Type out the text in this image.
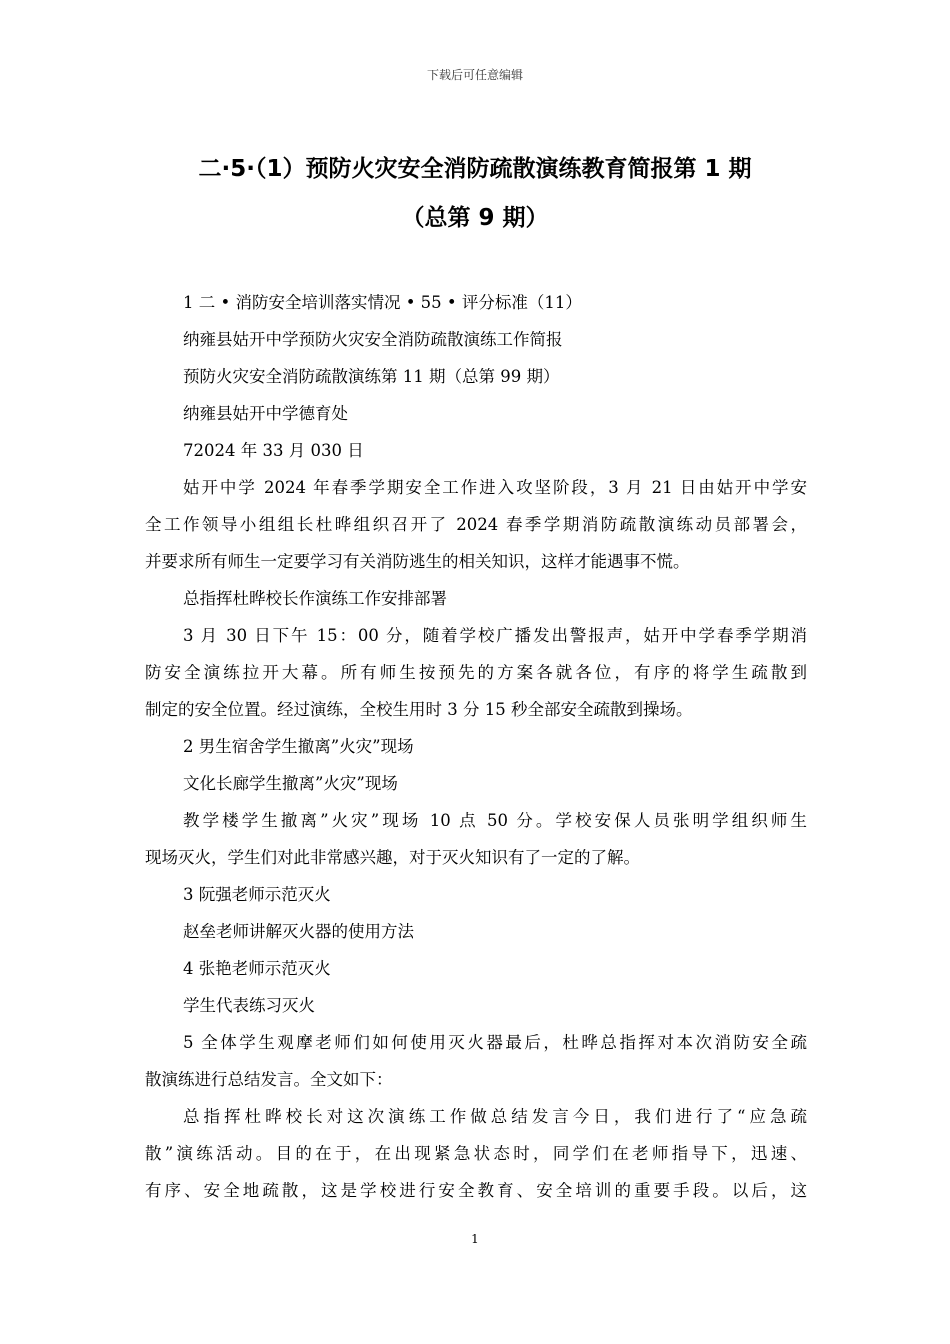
下载后可任意编辑
二·5·（1）预防火灾安全消防疏散演练教育简报第 1 期
（总第 9 期）
1 二 • 消防安全培训落实情况 • 55 • 评分标准（11）
纳雍县姑开中学预防火灾安全消防疏散演练工作简报
预防火灾安全消防疏散演练第 11 期（总第 99 期）
纳雍县姑开中学德育处
72024 年 33 月 030 日
姑开中学 2024 年春季学期安全工作进入攻坚阶段，3 月 21 日由姑开中学安
全工作领导小组组长杜晔组织召开了 2024 春季学期消防疏散演练动员部署会，
并要求所有师生一定要学习有关消防逃生的相关知识，这样才能遇事不慌。
总指挥杜晔校长作演练工作安排部署
3 月 30 日下午 15：00 分，随着学校广播发出警报声，姑开中学春季学期消
防安全演练拉开大幕。所有师生按预先的方案各就各位，有序的将学生疏散到
制定的安全位置。经过演练，全校生用时 3 分 15 秒全部安全疏散到操场。
2 男生宿舍学生撤离”火灾”现场
文化长廊学生撤离”火灾”现场
教学楼学生撤离”火灾”现场 10 点 50 分。学校安保人员张明学组织师生
现场灭火，学生们对此非常感兴趣，对于灭火知识有了一定的了解。
3 阮强老师示范灭火
赵垒老师讲解灭火器的使用方法
4 张艳老师示范灭火
学生代表练习灭火
5 全体学生观摩老师们如何使用灭火器最后，杜晔总指挥对本次消防安全疏
散演练进行总结发言。全文如下：
总指挥杜晔校长对这次演练工作做总结发言今日，我们进行了“应急疏
散”演练活动。目的在于，在出现紧急状态时，同学们在老师指导下，迅速、
有序、安全地疏散，这是学校进行安全教育、安全培训的重要手段。以后，这
1
